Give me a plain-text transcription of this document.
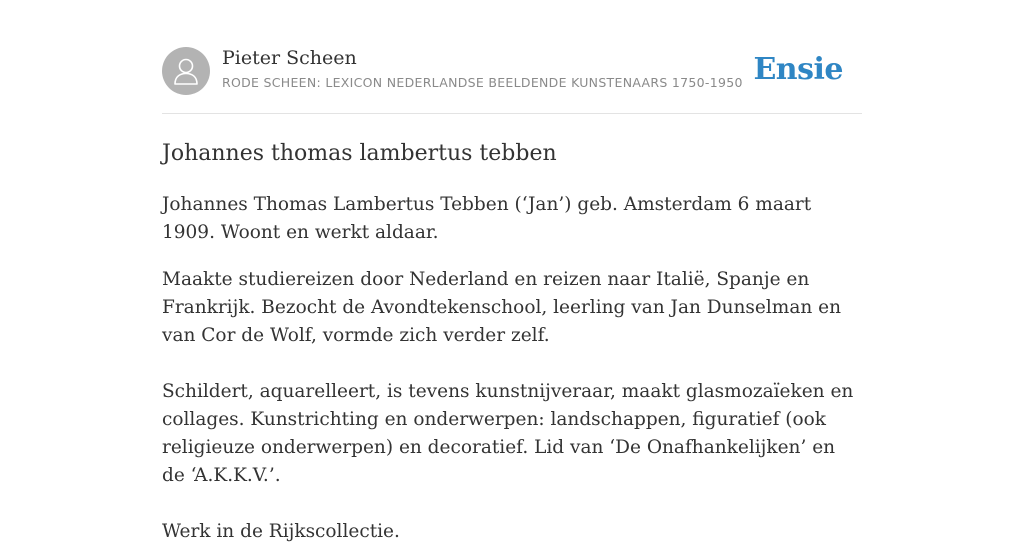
Pieter Scheen
RODE SCHEEN: LEXICON NEDERLANDSE BEELDENDE KUNSTENAARS 1750-1950 Ensie
Johannes thomas lambertus tebben

Johannes Thomas Lambertus Tebben (‘Jan’) geb. Amsterdam 6 maart 1909. Woont en werkt aldaar.

Maakte studiereizen door Nederland en reizen naar Italië, Spanje en Frankrijk. Bezocht de Avondtekenschool, leerling van Jan Dunselman en van Cor de Wolf, vormde zich verder zelf.

Schildert, aquarelleert, is tevens kunstnijveraar, maakt glasmozaïeken en collages. Kunstrichting en onderwerpen: landschappen, figuratief (ook religieuze onderwerpen) en decoratief. Lid van ‘De Onafhankelijken’ en de ‘A.K.K.V.’.

Werk in de Rijkscollectie.
